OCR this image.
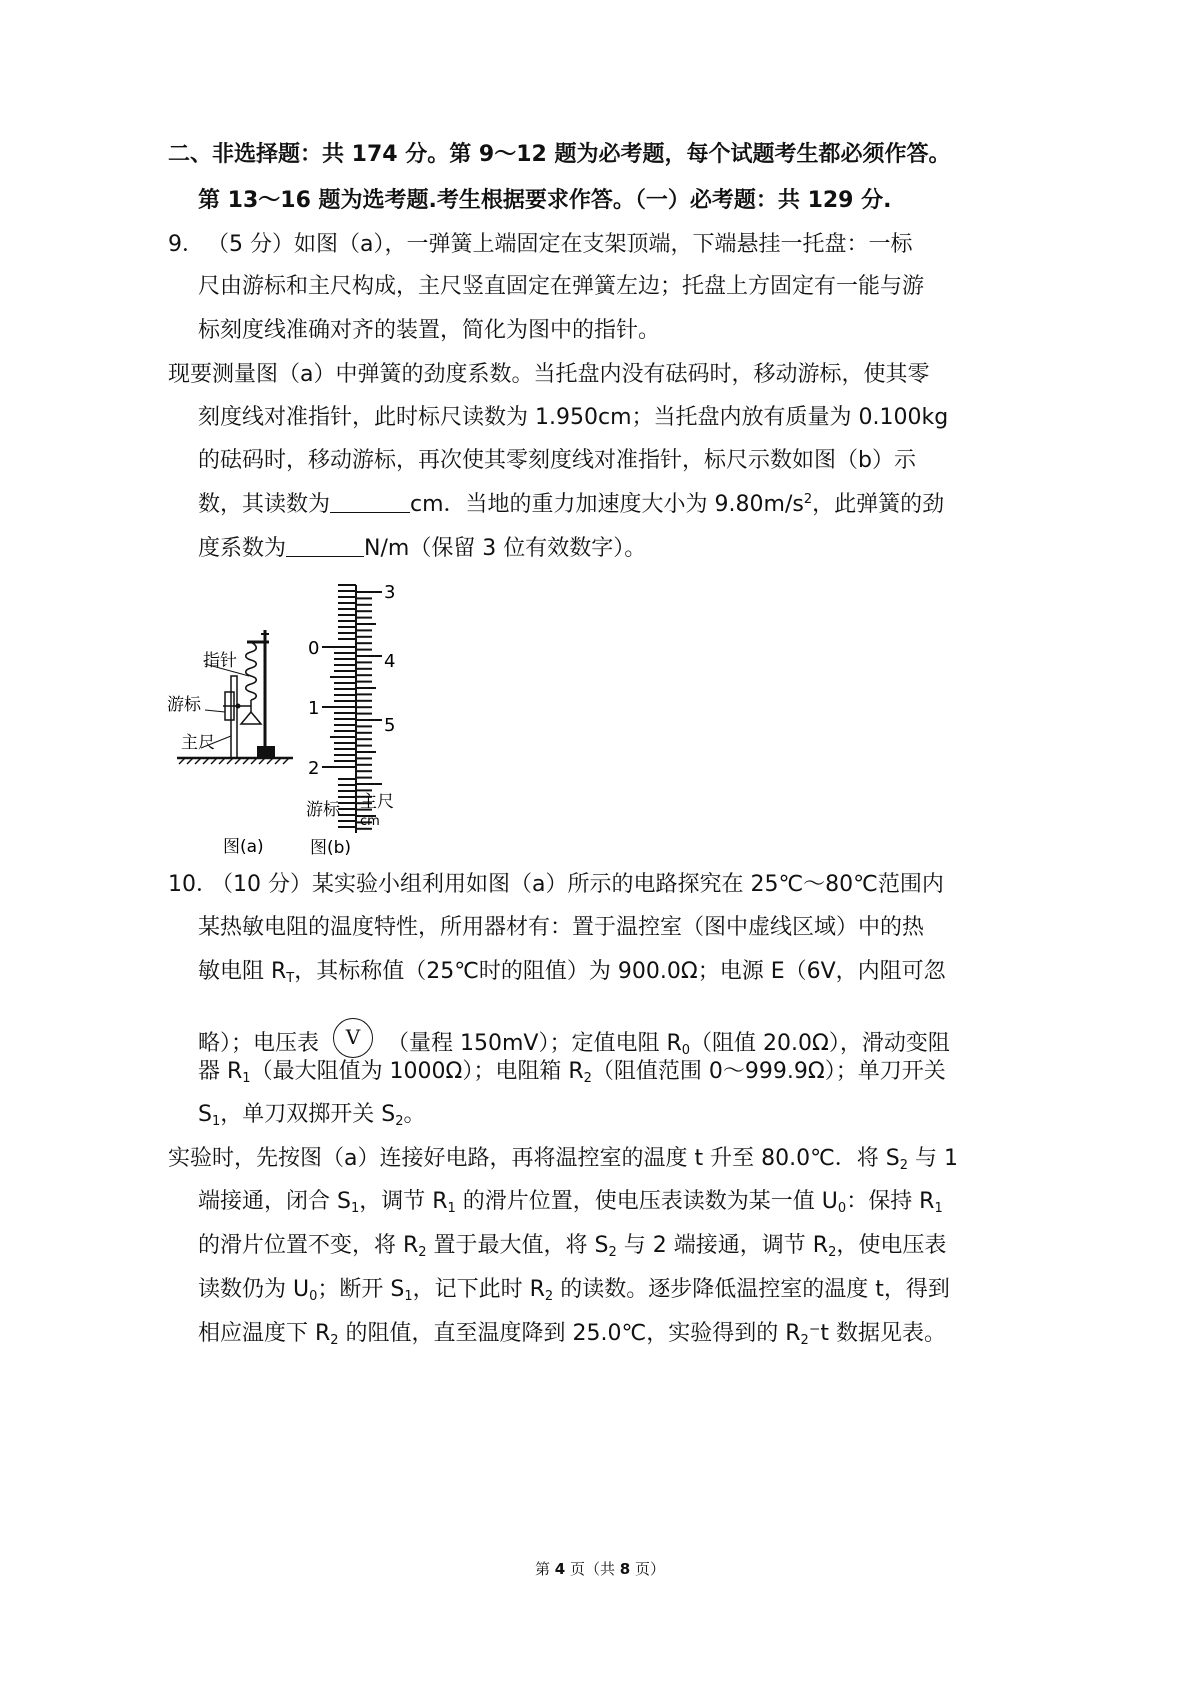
二、非选择题：共 174 分。第 9～12 题为必考题，每个试题考生都必须作答。
第 13～16 题为选考题.考生根据要求作答。（一）必考题：共 129 分.
9． （5 分）如图（a），一弹簧上端固定在支架顶端，下端悬挂一托盘：一标
尺由游标和主尺构成，主尺竖直固定在弹簧左边；托盘上方固定有一能与游
标刻度线准确对齐的装置，简化为图中的指针。
现要测量图（a）中弹簧的劲度系数。当托盘内没有砝码时，移动游标，使其零
刻度线对准指针，此时标尺读数为 1.950cm；当托盘内放有质量为 0.100kg
的砝码时，移动游标，再次使其零刻度线对准指针，标尺示数如图（b）示
数，其读数为	cm．当地的重力加速度大小为 $9.80m/s^2$，此弹簧的劲
度系数为	N/m（保留 3 位有效数字）。
指针
游标
主尺
图(a)
0
1
2
3
4
5
游标 主尺
cm
图(b)
10． （10 分）某实验小组利用如图（a）所示的电路探究在 25℃～80℃范围内
某热敏电阻的温度特性，所用器材有：置于温控室（图中虚线区域）中的热
敏电阻 $R_T$，其标称值（25℃时的阻值）为 900.0Ω；电源 E（6V，内阻可忽
略）；电压表 V （量程 150mV）；定值电阻 $R_0$（阻值 20.0Ω），滑动变阻
器 $R_1$（最大阻值为 1000Ω）；电阻箱 $R_2$（阻值范围 0～999.9Ω）；单刀开关
$S_1$，单刀双掷开关 $S_2$。
实验时，先按图（a）连接好电路，再将温控室的温度 t 升至 80.0℃．将 $S_2$ 与 1
端接通，闭合 $S_1$，调节 $R_1$ 的滑片位置，使电压表读数为某一值 $U_0$：保持 $R_1$
的滑片位置不变，将 $R_2$ 置于最大值，将 $S_2$ 与 2 端接通，调节 $R_2$，使电压表
读数仍为 $U_0$；断开 $S_1$，记下此时 $R_2$ 的读数。逐步降低温控室的温度 t，得到
相应温度下 $R_2$ 的阻值，直至温度降到 25.0℃，实验得到的 $R_2^-t$ 数据见表。
第 4 页（共 8 页）
